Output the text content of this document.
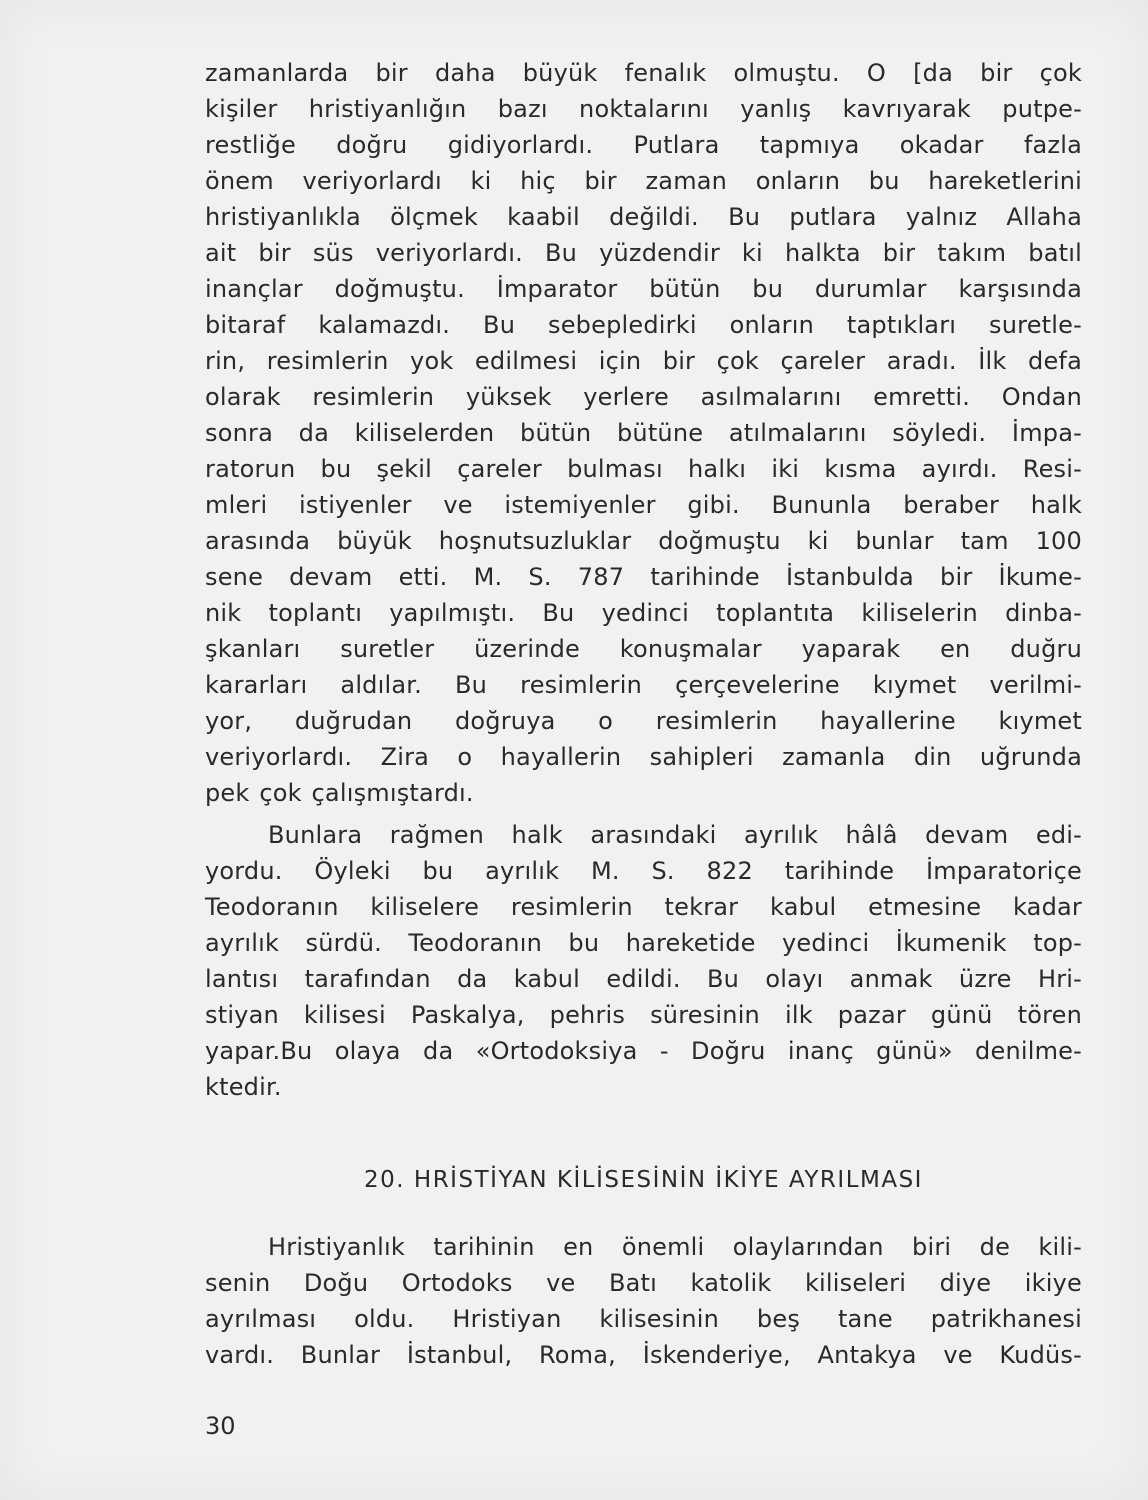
zamanlarda bir daha büyük fenalık olmuştu. O [da bir çok
kişiler hristiyanlığın bazı noktalarını yanlış kavrıyarak putpe-
restliğe doğru gidiyorlardı. Putlara tapmıya okadar fazla
önem veriyorlardı ki hiç bir zaman onların bu hareketlerini
hristiyanlıkla ölçmek kaabil değildi. Bu putlara yalnız Allaha
ait bir süs veriyorlardı. Bu yüzdendir ki halkta bir takım batıl
inançlar doğmuştu. İmparator bütün bu durumlar karşısında
bitaraf kalamazdı. Bu sebepledirki onların taptıkları suretle-
rin, resimlerin yok edilmesi için bir çok çareler aradı. İlk defa
olarak resimlerin yüksek yerlere asılmalarını emretti. Ondan
sonra da kiliselerden bütün bütüne atılmalarını söyledi. İmpa-
ratorun bu şekil çareler bulması halkı iki kısma ayırdı. Resi-
mleri istiyenler ve istemiyenler gibi. Bununla beraber halk
arasında büyük hoşnutsuzluklar doğmuştu ki bunlar tam 100
sene devam etti. M. S. 787 tarihinde İstanbulda bir İkume-
nik toplantı yapılmıştı. Bu yedinci toplantıta kiliselerin dinba-
şkanları suretler üzerinde konuşmalar yaparak en duğru
kararları aldılar. Bu resimlerin çerçevelerine kıymet verilmi-
yor, duğrudan doğruya o resimlerin hayallerine kıymet
veriyorlardı. Zira o hayallerin sahipleri zamanla din uğrunda
pek çok çalışmıştardı.
Bunlara rağmen halk arasındaki ayrılık hâlâ devam edi-
yordu. Öyleki bu ayrılık M. S. 822 tarihinde İmparatoriçe
Teodoranın kiliselere resimlerin tekrar kabul etmesine kadar
ayrılık sürdü. Teodoranın bu hareketide yedinci İkumenik top-
lantısı tarafından da kabul edildi. Bu olayı anmak üzre Hri-
stiyan kilisesi Paskalya, pehris süresinin ilk pazar günü tören
yapar.Bu olaya da «Ortodoksiya - Doğru inanç günü» denilme-
ktedir.
20. HRİSTİYAN KİLİSESİNİN İKİYE AYRILMASI
Hristiyanlık tarihinin en önemli olaylarından biri de kili-
senin Doğu Ortodoks ve Batı katolik kiliseleri diye ikiye
ayrılması oldu. Hristiyan kilisesinin beş tane patrikhanesi
vardı. Bunlar İstanbul, Roma, İskenderiye, Antakya ve Kudüs-
30
